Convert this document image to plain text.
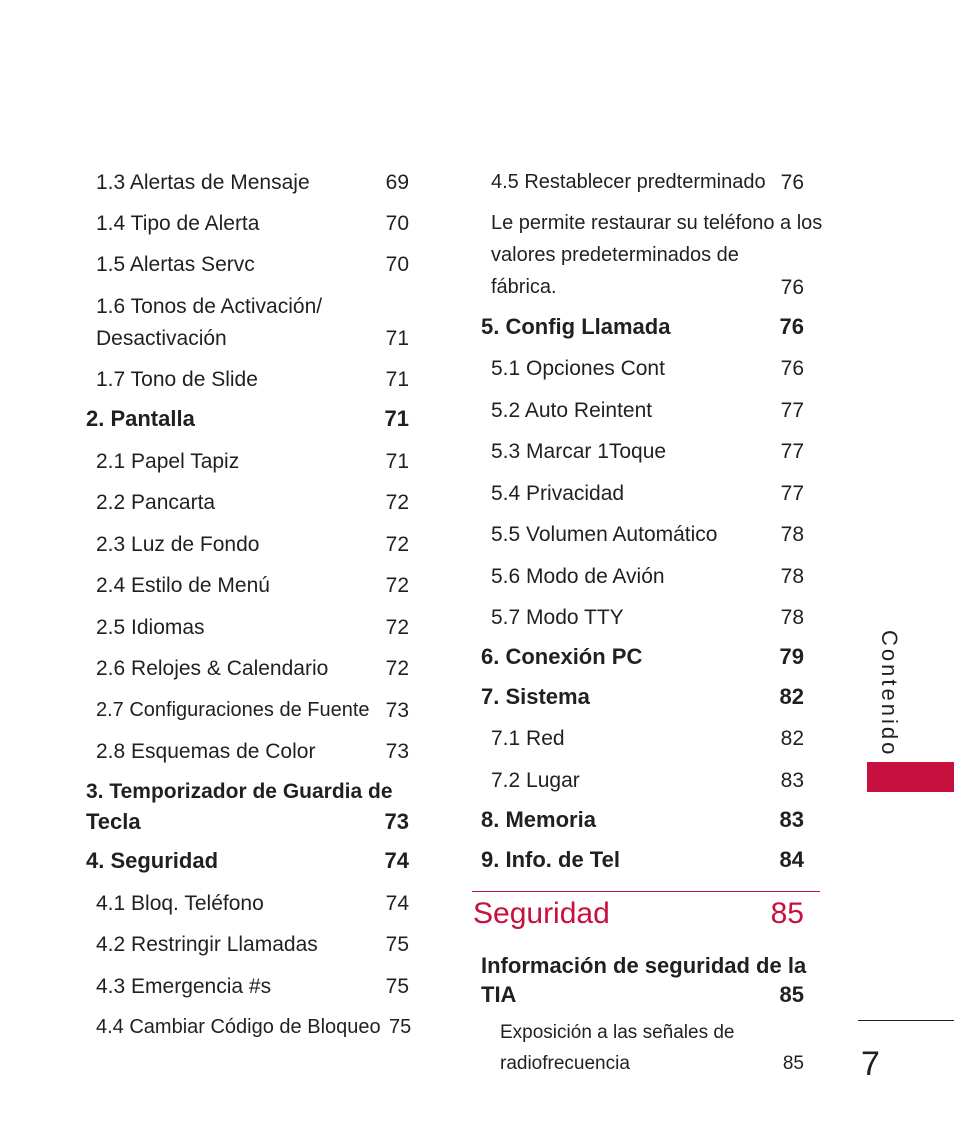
1.3 Alertas de Mensaje	69
1.4 Tipo de Alerta	70
1.5 Alertas Servc	70
1.6 Tonos de Activación/
Desactivación	71
1.7 Tono de Slide	71
2. Pantalla	71
2.1 Papel Tapiz	71
2.2 Pancarta	72
2.3 Luz de Fondo	72
2.4 Estilo de Menú	72
2.5 Idiomas	72
2.6 Relojes & Calendario	72
2.7 Configuraciones de Fuente 73
2.8 Esquemas de Color	73
3. Temporizador de Guardia de
Tecla	73
4. Seguridad	74
4.1 Bloq. Teléfono	74
4.2 Restringir Llamadas	75
4.3 Emergencia #s	75
4.4 Cambiar Código de Bloqueo 75
4.5 Restablecer predterminado 76
Le permite restaurar su teléfono a los
valores predeterminados de
fábrica.	76
5. Config Llamada	76
5.1 Opciones Cont	76
5.2 Auto Reintent	77
5.3 Marcar 1Toque	77
5.4 Privacidad	77
5.5 Volumen Automático	78
5.6 Modo de Avión	78
5.7 Modo TTY	78
6. Conexión PC	79
7. Sistema	82
7.1 Red	82
7.2 Lugar	83
8. Memoria	83
9. Info. de Tel	84
Seguridad	85
Información de seguridad de la
TIA	85
Exposición a las señales de
radiofrecuencia	85
Contenido
7
